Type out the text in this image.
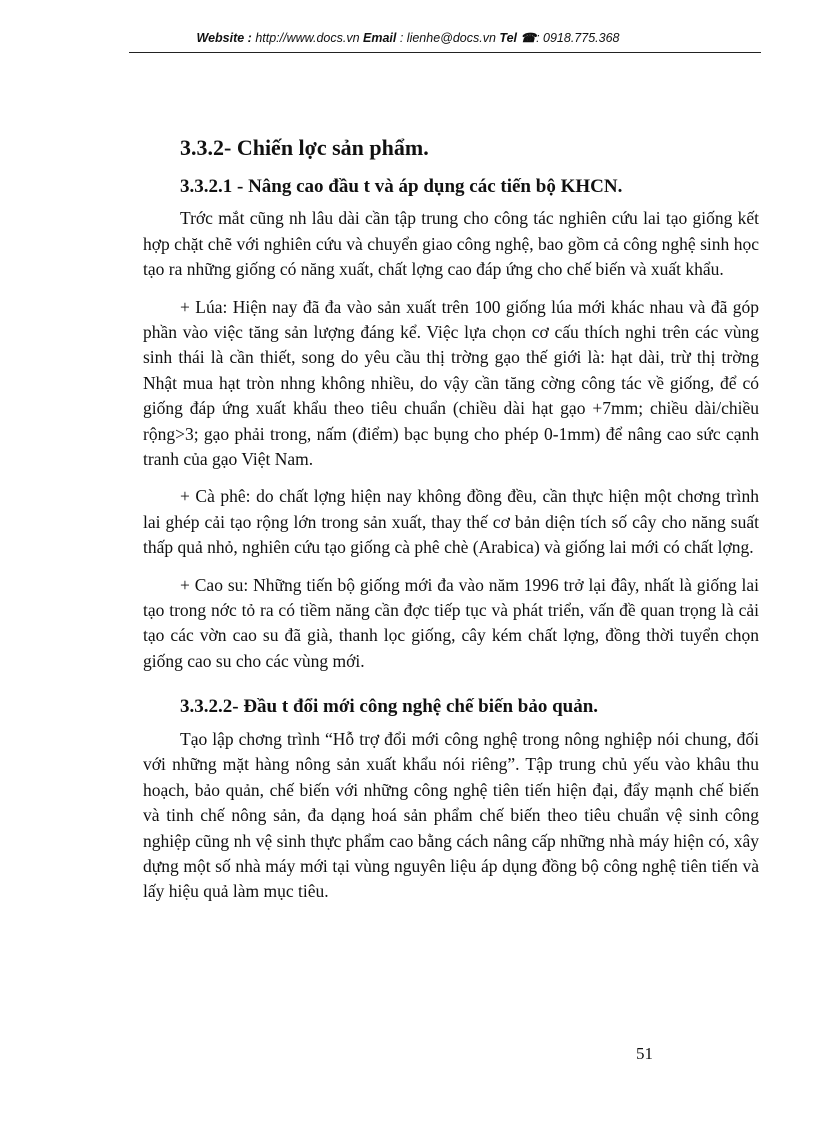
Website : http://www.docs.vn Email : lienhe@docs.vn Tel ☎: 0918.775.368
3.3.2- Chiến lợc sản phẩm.
3.3.2.1 - Nâng cao đầu t và áp dụng các tiến bộ KHCN.

Trớc mắt cũng nh lâu dài cần tập trung cho công tác nghiên cứu lai tạo giống kết hợp chặt chẽ với nghiên cứu và chuyển giao công nghệ, bao gồm cả công nghệ sinh học tạo ra những giống có năng xuất, chất lợng cao đáp ứng cho chế biến và xuất khẩu.

+ Lúa: Hiện nay đã đa vào sản xuất trên 100 giống lúa mới khác nhau và đã góp phần vào việc tăng sản lượng đáng kể. Việc lựa chọn cơ cấu thích nghi trên các vùng sinh thái là cần thiết, song do yêu cầu thị trờng gạo thế giới là: hạt dài, trừ thị trờng Nhật mua hạt tròn nhng không nhiều, do vậy cần tăng cờng công tác về giống, để có giống đáp ứng xuất khẩu theo tiêu chuẩn (chiều dài hạt gạo +7mm; chiều dài/chiều rộng>3; gạo phải trong, nấm (điểm) bạc bụng cho phép 0-1mm) để nâng cao sức cạnh tranh của gạo Việt Nam.

+ Cà phê: do chất lợng hiện nay không đồng đều, cần thực hiện một chơng trình lai ghép cải tạo rộng lớn trong sản xuất, thay thế cơ bản diện tích số cây cho năng suất thấp quả nhỏ, nghiên cứu tạo giống cà phê chè (Arabica) và giống lai mới có chất lợng.

+ Cao su: Những tiến bộ giống mới đa vào năm 1996 trở lại đây, nhất là giống lai tạo trong nớc tỏ ra có tiềm năng cần đợc tiếp tục và phát triển, vấn đề quan trọng là cải tạo các vờn cao su đã già, thanh lọc giống, cây kém chất lợng, đồng thời tuyển chọn giống cao su cho các vùng mới.

3.3.2.2- Đầu t đổi mới công nghệ chế biến bảo quản.

Tạo lập chơng trình “Hỗ trợ đổi mới công nghệ trong nông nghiệp nói chung, đối với những mặt hàng nông sản xuất khẩu nói riêng”. Tập trung chủ yếu vào khâu thu hoạch, bảo quản, chế biến với những công nghệ tiên tiến hiện đại, đẩy mạnh chế biến và tinh chế nông sản, đa dạng hoá sản phẩm chế biến theo tiêu chuẩn vệ sinh công nghiệp cũng nh vệ sinh thực phẩm cao bằng cách nâng cấp những nhà máy hiện có, xây dựng một số nhà máy mới tại vùng nguyên liệu áp dụng đồng bộ công nghệ tiên tiến và lấy hiệu quả làm mục tiêu.

51
